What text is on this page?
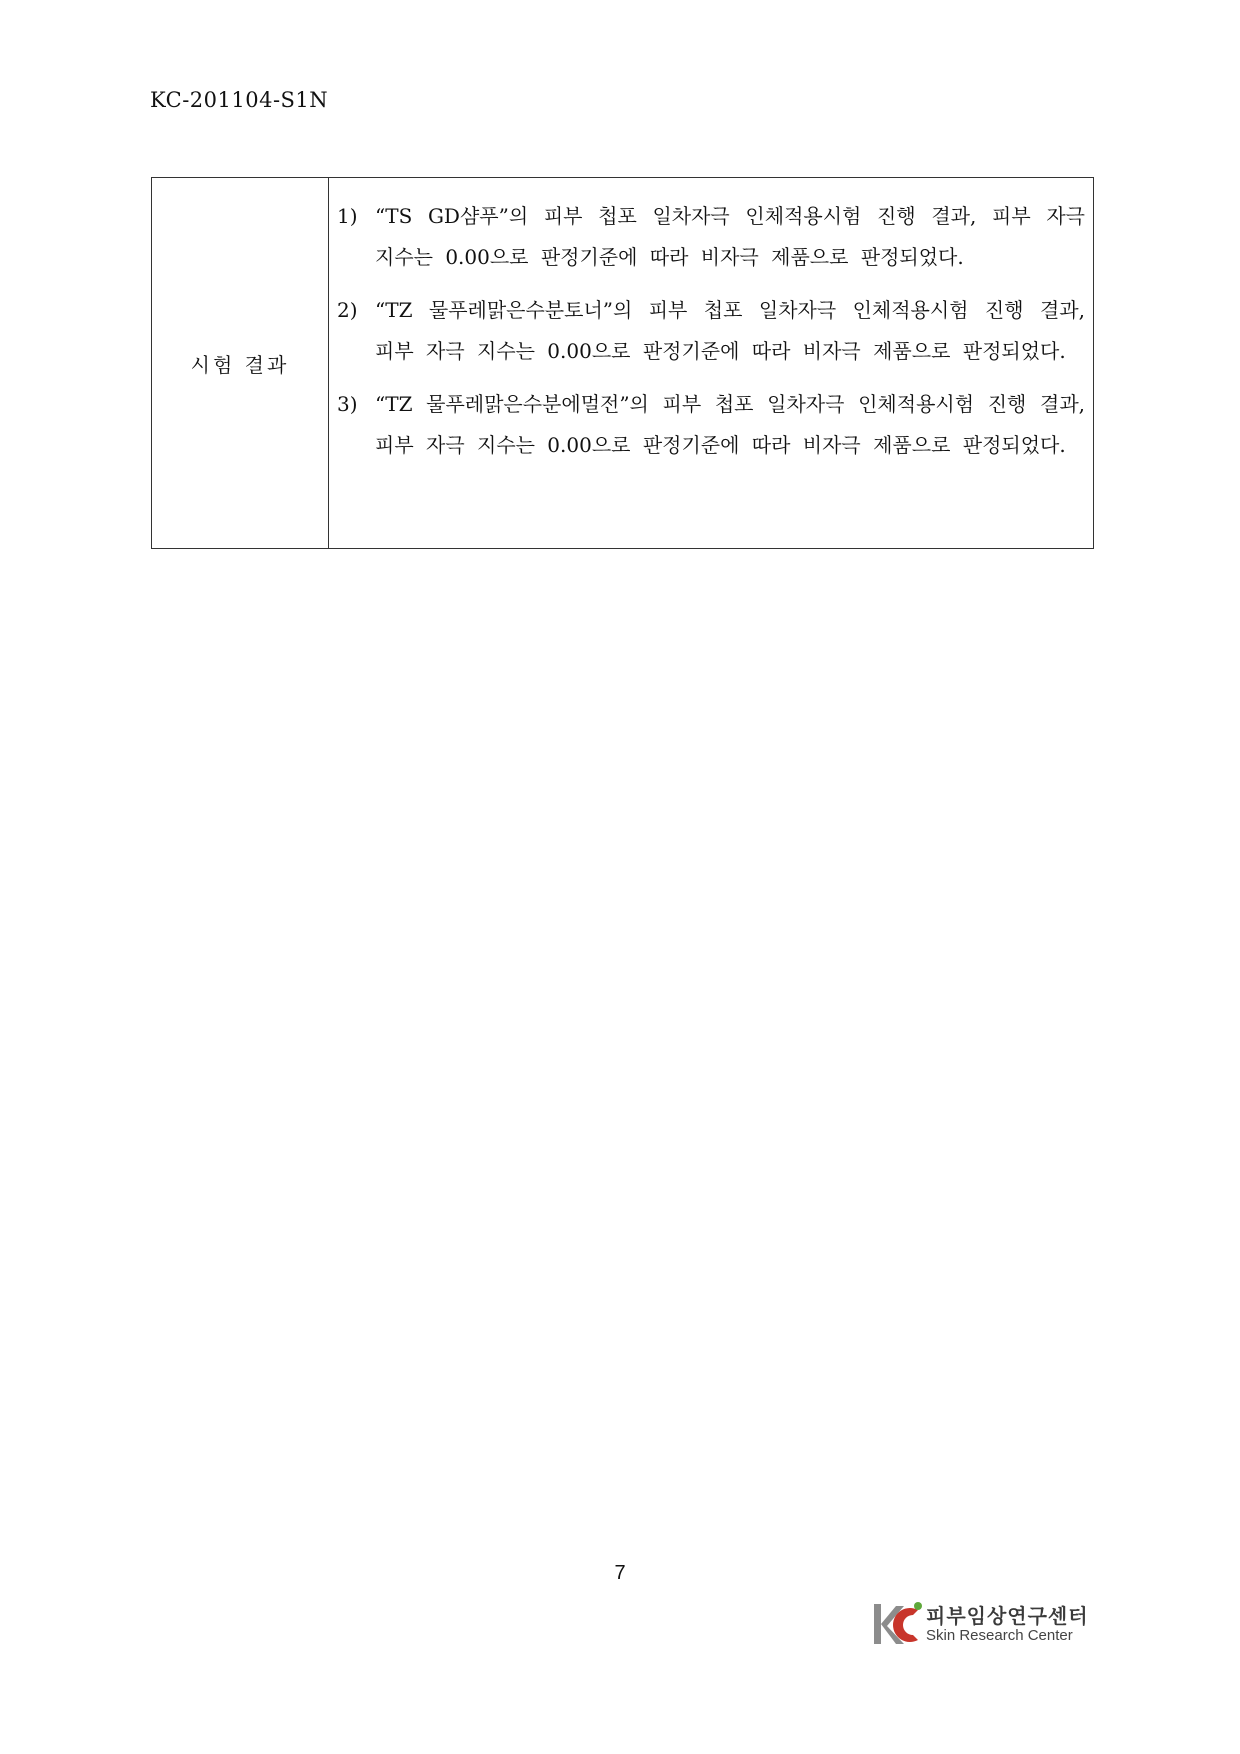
KC-201104-S1N
시험 결과	
1) “TS GD샴푸”의 피부 첩포 일차자극 인체적용시험 진행 결과, 피부 자극 지수는 0.00으로 판정기준에 따라 비자극 제품으로 판정되었다.
2) “TZ 물푸레맑은수분토너”의 피부 첩포 일차자극 인체적용시험 진행 결과, 피부 자극 지수는 0.00으로 판정기준에 따라 비자극 제품으로 판정되었다.
3) “TZ 물푸레맑은수분에멀전”의 피부 첩포 일차자극 인체적용시험 진행 결과, 피부 자극 지수는 0.00으로 판정기준에 따라 비자극 제품으로 판정되었다.
7
피부임상연구센터
Skin Research Center
